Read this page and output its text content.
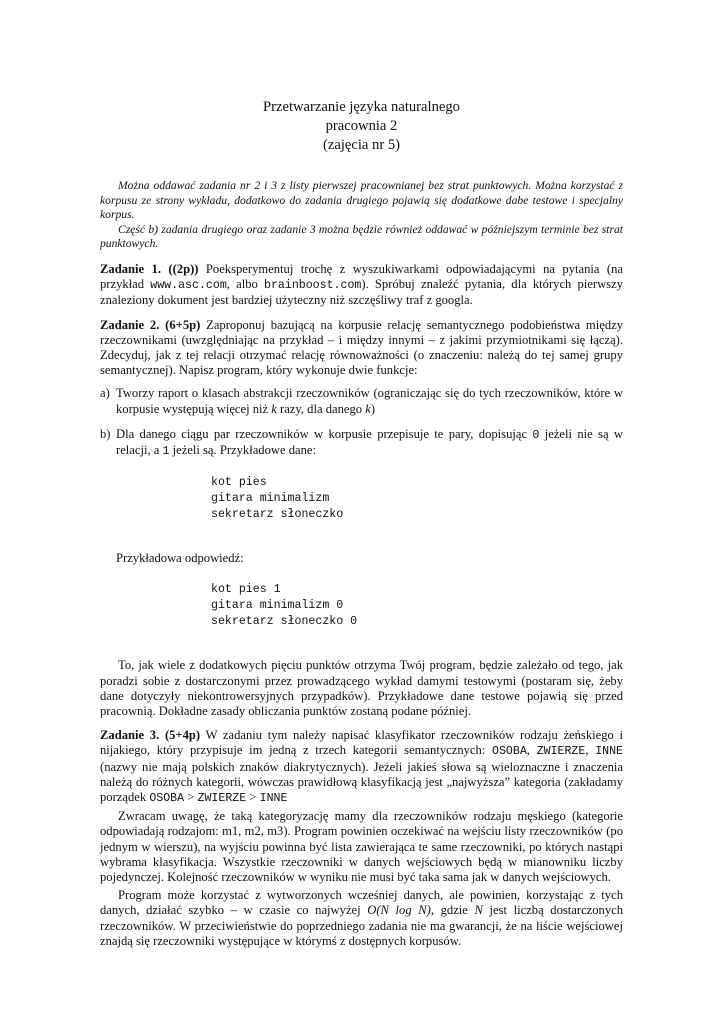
Przetwarzanie języka naturalnego
pracownia 2
(zajęcia nr 5)

Można oddawać zadania nr 2 i 3 z listy pierwszej pracownianej bez strat punktowych. Można korzystać z korpusu ze strony wykładu, dodatkowo do zadania drugiego pojawią się dodatkowe dabe testowe i specjalny korpus.

Część b) zadania drugiego oraz zadanie 3 można będzie również oddawać w późniejszym terminie bez strat punktowych.

Zadanie 1. ((2p)) Poeksperymentuj trochę z wyszukiwarkami odpowiadającymi na pytania (na przykład www.asc.com, albo brainboost.com). Spróbuj znaleźć pytania, dla których pierwszy znaleziony dokument jest bardziej użyteczny niż szczęśliwy traf z googla.

Zadanie 2. (6+5p) Zaproponuj bazującą na korpusie relację semantycznego podobieństwa między rzeczownikami (uwzględniając na przykład – i między innymi – z jakimi przymiotnikami się łączą). Zdecyduj, jak z tej relacji otrzymać relację równoważności (o znaczeniu: należą do tej samej grupy semantycznej). Napisz program, który wykonuje dwie funkcje:

a) Tworzy raport o klasach abstrakcji rzeczowników (ograniczając się do tych rzeczowników, które w korpusie występują więcej niż k razy, dla danego k)
b) Dla danego ciągu par rzeczowników w korpusie przepisuje te pary, dopisując 0 jeżeli nie są w relacji, a 1 jeżeli są. Przykładowe dane:
kot pies
gitara minimalizm
sekretarz słoneczko

Przykładowa odpowiedź:

kot pies 1
gitara minimalizm 0
sekretarz słoneczko 0

To, jak wiele z dodatkowych pięciu punktów otrzyma Twój program, będzie zależało od tego, jak poradzi sobie z dostarczonymi przez prowadzącego wykład damymi testowymi (postaram się, żeby dane dotyczyły niekontrowersyjnych przypadków). Przykładowe dane testowe pojawią się przed pracownią. Dokładne zasady obliczania punktów zostaną podane później.

Zadanie 3. (5+4p) W zadaniu tym należy napisać klasyfikator rzeczowników rodzaju żeńskiego i nijakiego, który przypisuje im jedną z trzech kategorii semantycznych: OSOBA, ZWIERZE, INNE (nazwy nie mają polskich znaków diakrytycznych). Jeżeli jakieś słowa są wieloznaczne i znaczenia należą do różnych kategorii, wówczas prawidłową klasyfikacją jest „najwyższa” kategoria (zakładamy porządek OSOBA > ZWIERZE > INNE

Zwracam uwagę, że taką kategoryzację mamy dla rzeczowników rodzaju męskiego (kategorie odpowiadają rodzajom: m1, m2, m3). Program powinien oczekiwać na wejściu listy rzeczowników (po jednym w wierszu), na wyjściu powinna być lista zawierająca te same rzeczowniki, po których nastąpi wybrama klasyfikacja. Wszystkie rzeczowniki w danych wejściowych będą w mianowniku liczby pojedynczej. Kolejność rzeczowników w wyniku nie musi być taka sama jak w danych wejściowych.

Program może korzystać z wytworzonych wcześniej danych, ale powinien, korzystając z tych danych, działać szybko – w czasie co najwyżej O(N log N), gdzie N jest liczbą dostarczonych rzeczowników. W przeciwieństwie do poprzedniego zadania nie ma gwarancji, że na liście wejściowej znajdą się rzeczowniki występujące w którymś z dostępnych korpusów.
